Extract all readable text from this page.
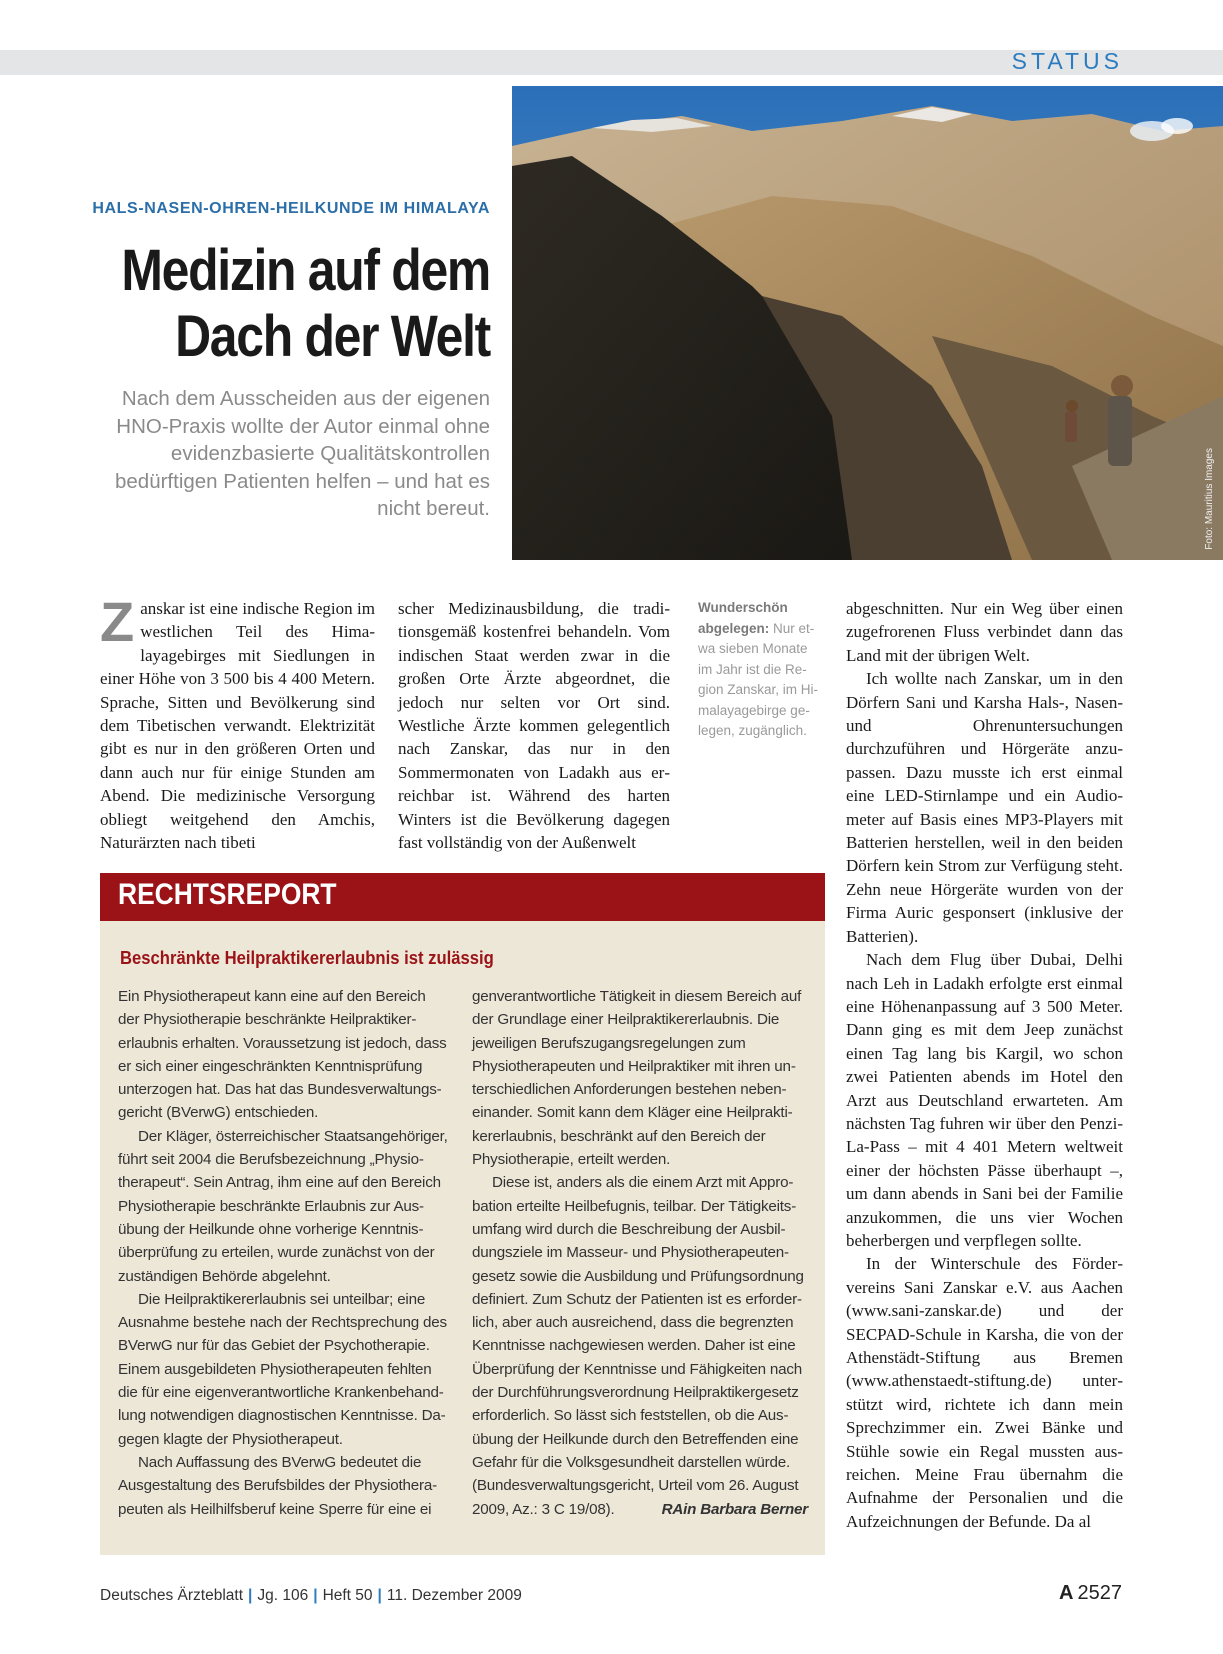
STATUS
Foto: Mauritius Images
HALS-NASEN-OHREN-HEILKUNDE IM HIMALAYA
Medizin auf dem
Dach der Welt
Nach dem Ausscheiden aus der eigenen HNO-Praxis wollte der Autor einmal ohne evidenzbasierte Qualitätskontrollen bedürftigen Patienten helfen – und hat es nicht bereut.

Zanskar ist eine indische Region im westlichen Teil des Himalayagebirges mit Siedlungen in einer Höhe von 3 500 bis 4 400 Metern. Sprache, Sitten und Bevölkerung sind dem Tibetischen verwandt. Elektrizität gibt es nur in den größeren Orten und dann auch nur für einige Stunden am Abend. Die medizinische Versorgung obliegt weitgehend den Amchis, Naturärzten nach tibeti

scher Medizinausbildung, die traditionsgemäß kostenfrei behandeln. Vom indischen Staat werden zwar in die großen Orte Ärzte abgeordnet, die jedoch nur selten vor Ort sind. Westliche Ärzte kommen gelegentlich nach Zanskar, das nur in den Sommermonaten von Ladakh aus erreichbar ist. Während des harten Winters ist die Bevölkerung dagegen fast vollständig von der Außenwelt

Wunderschön abgelegen: Nur etwa sieben Monate im Jahr ist die Region Zanskar, im Himalayagebirge gelegen, zugänglich.

abgeschnitten. Nur ein Weg über einen zugefrorenen Fluss verbindet dann das Land mit der übrigen Welt.

Ich wollte nach Zanskar, um in den Dörfern Sani und Karsha Hals-, Nasen- und Ohrenuntersuchungen durchzuführen und Hörgeräte anzupassen. Dazu musste ich erst einmal eine LED-Stirnlampe und ein Audiometer auf Basis eines MP3-Players mit Batterien herstellen, weil in den beiden Dörfern kein Strom zur Verfügung steht. Zehn neue Hörgeräte wurden von der Firma Auric gesponsert (inklusive der Batterien).

Nach dem Flug über Dubai, Delhi nach Leh in Ladakh erfolgte erst einmal eine Höhenanpassung auf 3 500 Meter. Dann ging es mit dem Jeep zunächst einen Tag lang bis Kargil, wo schon zwei Patienten abends im Hotel den Arzt aus Deutschland erwarteten. Am nächsten Tag fuhren wir über den Penzi-La-Pass – mit 4 401 Metern weltweit einer der höchsten Pässe überhaupt –, um dann abends in Sani bei der Familie anzukommen, die uns vier Wochen beherbergen und verpflegen sollte.

In der Winterschule des Fördervereins Sani Zanskar e.V. aus Aachen (www.sani-zanskar.de) und der SECPAD-Schule in Karsha, die von der Athenstädt-Stiftung aus Bremen (www.athenstaedt-stiftung.de) unterstützt wird, richtete ich dann mein Sprechzimmer ein. Zwei Bänke und Stühle sowie ein Regal mussten ausreichen. Meine Frau übernahm die Aufnahme der Personalien und die Aufzeichnungen der Befunde. Da al

RECHTSREPORT
Beschränkte Heilpraktikererlaubnis ist zulässig

Ein Physiotherapeut kann eine auf den Bereich der Physiotherapie beschränkte Heilpraktikererlaubnis erhalten. Voraussetzung ist jedoch, dass er sich einer eingeschränkten Kenntnisprüfung unterzogen hat. Das hat das Bundesverwaltungsgericht (BVerwG) entschieden.

Der Kläger, österreichischer Staatsangehöriger, führt seit 2004 die Berufsbezeichnung „Physiotherapeut“. Sein Antrag, ihm eine auf den Bereich Physiotherapie beschränkte Erlaubnis zur Ausübung der Heilkunde ohne vorherige Kenntnisüberprüfung zu erteilen, wurde zunächst von der zuständigen Behörde abgelehnt.

Die Heilpraktikererlaubnis sei unteilbar; eine Ausnahme bestehe nach der Rechtsprechung des BVerwG nur für das Gebiet der Psychotherapie. Einem ausgebildeten Physiotherapeuten fehlten die für eine eigenverantwortliche Krankenbehandlung notwendigen diagnostischen Kenntnisse. Dagegen klagte der Physiotherapeut.

Nach Auffassung des BVerwG bedeutet die Ausgestaltung des Berufsbildes der Physiotherapeuten als Heilhilfsberuf keine Sperre für eine ei

genverantwortliche Tätigkeit in diesem Bereich auf der Grundlage einer Heilpraktikererlaubnis. Die jeweiligen Berufszugangsregelungen zum Physiotherapeuten und Heilpraktiker mit ihren unterschiedlichen Anforderungen bestehen nebeneinander. Somit kann dem Kläger eine Heilpraktikererlaubnis, beschränkt auf den Bereich der Physiotherapie, erteilt werden.

Diese ist, anders als die einem Arzt mit Approbation erteilte Heilbefugnis, teilbar. Der Tätigkeitsumfang wird durch die Beschreibung der Ausbildungsziele im Masseur- und Physiotherapeutengesetz sowie die Ausbildung und Prüfungsordnung definiert. Zum Schutz der Patienten ist es erforderlich, aber auch ausreichend, dass die begrenzten Kenntnisse nachgewiesen werden. Daher ist eine Überprüfung der Kenntnisse und Fähigkeiten nach der Durchführungsverordnung Heilpraktikergesetz erforderlich. So lässt sich feststellen, ob die Ausübung der Heilkunde durch den Betreffenden eine Gefahr für die Volksgesundheit darstellen würde. (Bundesverwaltungsgericht, Urteil vom 26. August 2009, Az.: 3 C 19/08).	RAin Barbara Berner

Deutsches Ärzteblatt | Jg. 106 | Heft 50 | 11. Dezember 2009	A 2527
